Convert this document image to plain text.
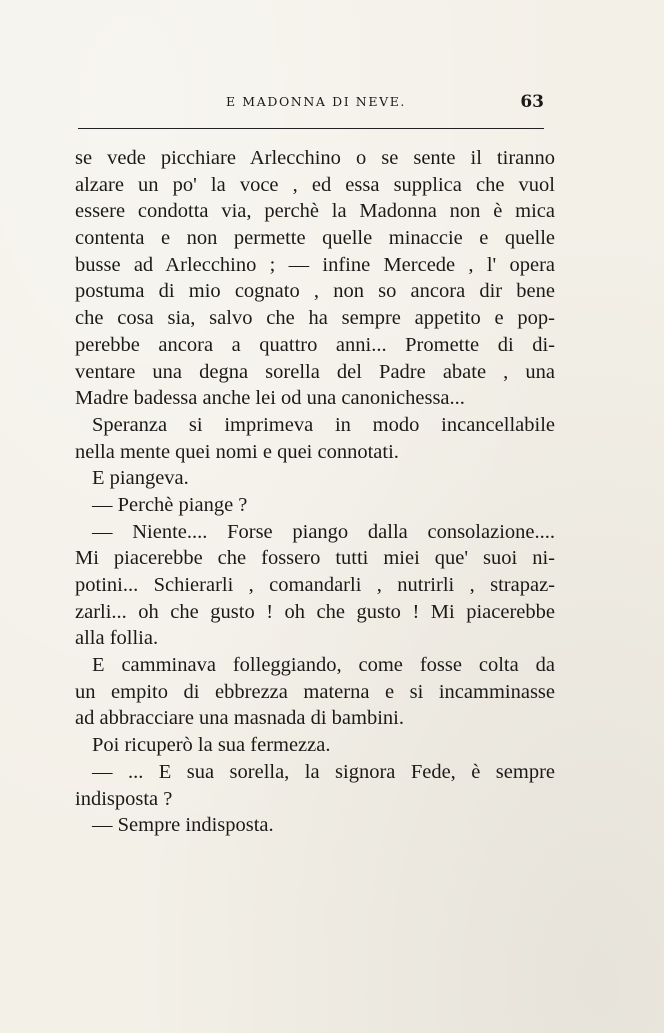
E MADONNA DI NEVE.	63
se vede picchiare Arlecchino o se sente il tiranno
alzare un po' la voce , ed essa supplica che vuol
essere condotta via, perchè la Madonna non è mica
contenta e non permette quelle minaccie e quelle
busse ad Arlecchino ; — infine Mercede , l' opera
postuma di mio cognato , non so ancora dir bene
che cosa sia, salvo che ha sempre appetito e pop-
perebbe ancora a quattro anni... Promette di di-
ventare una degna sorella del Padre abate , una
Madre badessa anche lei od una canonichessa...
Speranza si imprimeva in modo incancellabile
nella mente quei nomi e quei connotati.
E piangeva.
— Perchè piange ?
— Niente.... Forse piango dalla consolazione....
Mi piacerebbe che fossero tutti miei que' suoi ni-
potini... Schierarli , comandarli , nutrirli , strapaz-
zarli... oh che gusto ! oh che gusto ! Mi piacerebbe
alla follia.
E camminava folleggiando, come fosse colta da
un empito di ebbrezza materna e si incamminasse
ad abbracciare una masnada di bambini.
Poi ricuperò la sua fermezza.
— ... E sua sorella, la signora Fede, è sempre
indisposta ?
— Sempre indisposta.
